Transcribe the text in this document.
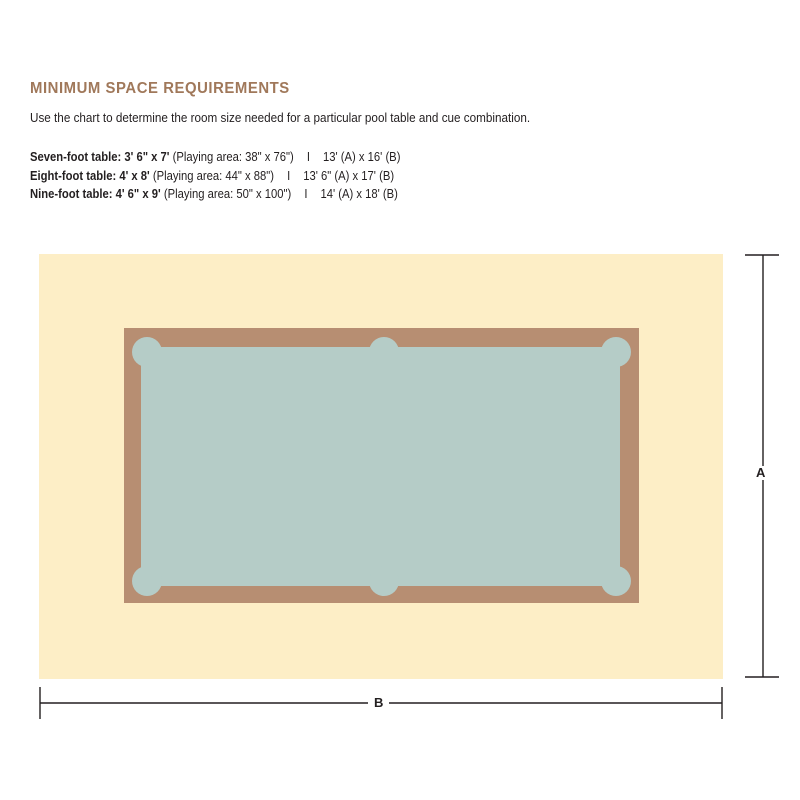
MINIMUM SPACE REQUIREMENTS
Use the chart to determine the room size needed for a particular pool table and cue combination.
Seven-foot table: 3' 6" x 7' (Playing area: 38" x 76") I 13' (A) x 16' (B)
Eight-foot table: 4' x 8' (Playing area: 44" x 88") I 13' 6" (A) x 17' (B)
Nine-foot table: 4' 6" x 9' (Playing area: 50" x 100") I 14' (A) x 18' (B)
A
B
